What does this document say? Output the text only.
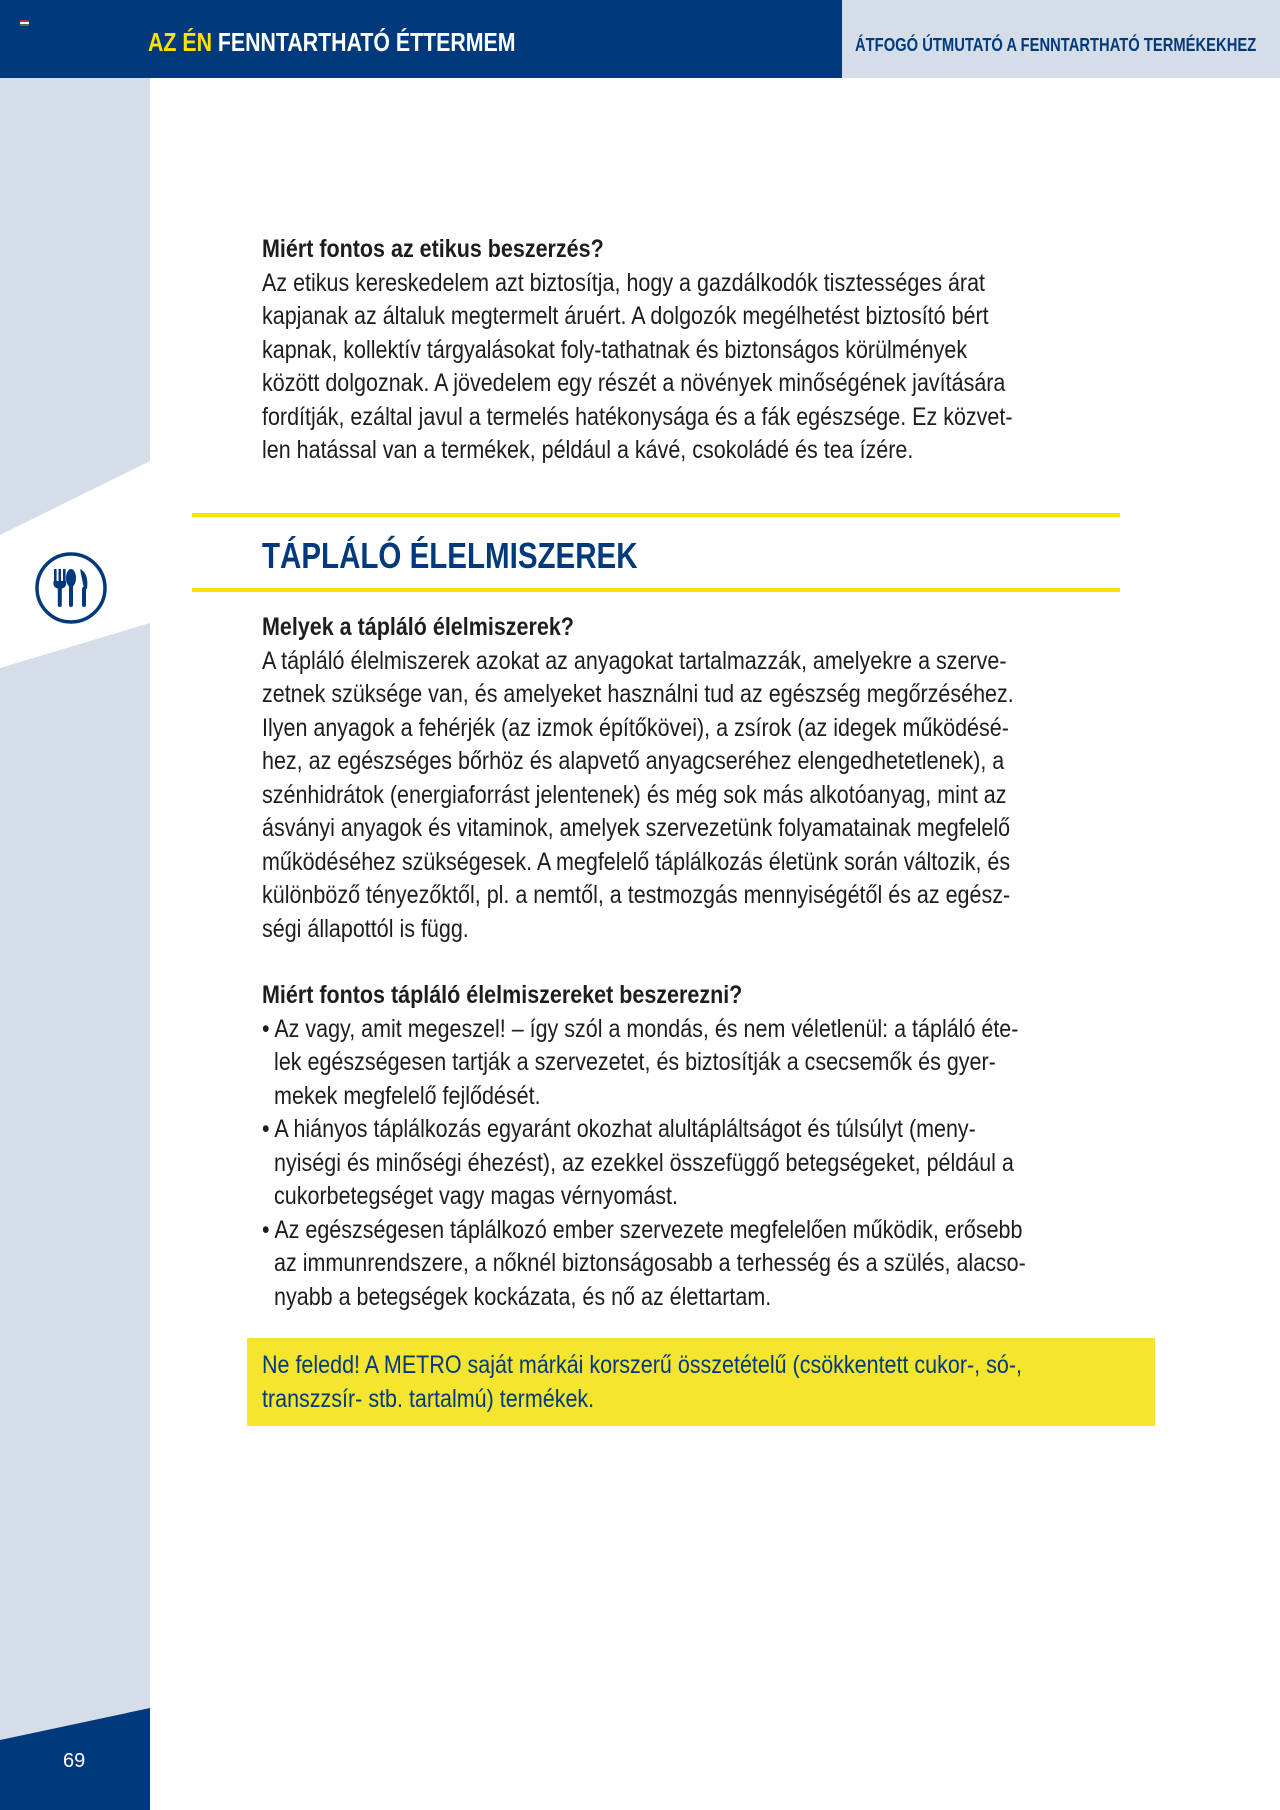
AZ ÉN FENNTARTHATÓ ÉTTERMEM	ÁTFOGÓ ÚTMUTATÓ A FENNTARTHATÓ TERMÉKEKHEZ
69

Miért fontos az etikus beszerzés?

Az etikus kereskedelem azt biztosítja, hogy a gazdálkodók tisztességes árat

kapjanak az általuk megtermelt áruért. A dolgozók megélhetést biztosító bért

kapnak, kollektív tárgyalásokat foly-tathatnak és biztonságos körülmények

között dolgoznak. A jövedelem egy részét a növények minőségének javítására

fordítják, ezáltal javul a termelés hatékonysága és a fák egészsége. Ez közvet-

len hatással van a termékek, például a kávé, csokoládé és tea ízére.

TÁPLÁLÓ ÉLELMISZEREK

Melyek a tápláló élelmiszerek?

A tápláló élelmiszerek azokat az anyagokat tartalmazzák, amelyekre a szerve-

zetnek szüksége van, és amelyeket használni tud az egészség megőrzéséhez.

Ilyen anyagok a fehérjék (az izmok építőkövei), a zsírok (az idegek működésé-

hez, az egészséges bőrhöz és alapvető anyagcseréhez elengedhetetlenek), a

szénhidrátok (energiaforrást jelentenek) és még sok más alkotóanyag, mint az

ásványi anyagok és vitaminok, amelyek szervezetünk folyamatainak megfelelő

működéséhez szükségesek. A megfelelő táplálkozás életünk során változik, és

különböző tényezőktől, pl. a nemtől, a testmozgás mennyiségétől és az egész-

ségi állapottól is függ.

Miért fontos tápláló élelmiszereket beszerezni?

• Az vagy, amit megeszel! – így szól a mondás, és nem véletlenül: a tápláló éte-

lek egészségesen tartják a szervezetet, és biztosítják a csecsemők és gyer-

mekek megfelelő fejlődését.

• A hiányos táplálkozás egyaránt okozhat alultápláltságot és túlsúlyt (meny-

nyiségi és minőségi éhezést), az ezekkel összefüggő betegségeket, például a

cukorbetegséget vagy magas vérnyomást.

• Az egészségesen táplálkozó ember szervezete megfelelően működik, erősebb

az immunrendszere, a nőknél biztonságosabb a terhesség és a szülés, alacso-

nyabb a betegségek kockázata, és nő az élettartam.

Ne feledd! A METRO saját márkái korszerű összetételű (csökkentett cukor-, só-,
transzzsír- stb. tartalmú) termékek.
